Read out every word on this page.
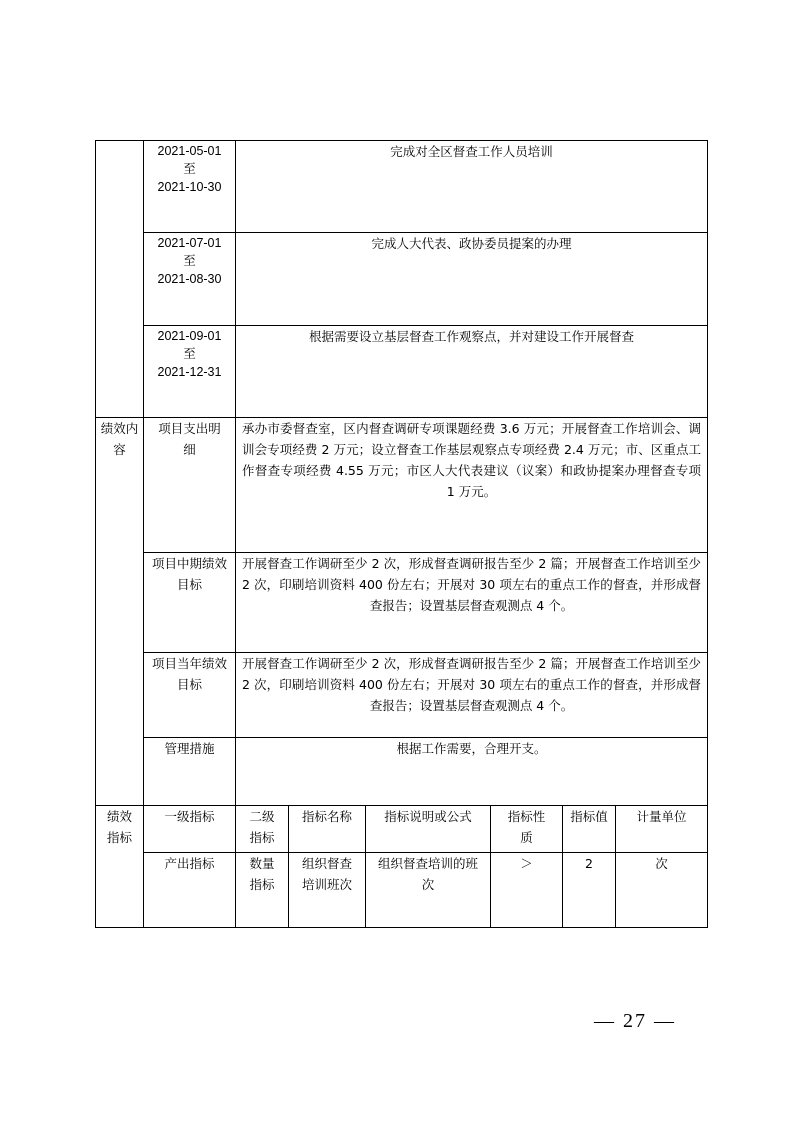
	2021-05-01
至
2021-10-30	完成对全区督查工作人员培训					

	2021-07-01
至
2021-08-30	完成人大代表、政协委员提案的办理					

	2021-09-01
至
2021-12-31	根据需要设立基层督查工作观察点，并对建设工作开展督查					
绩效内容	项目支出明细	承办市委督查室，区内督查调研专项课题经费 3.6 万元；开展督查工作培训会、调训会专项经费 2 万元；设立督查工作基层观察点专项经费 2.4 万元；市、区重点工作督查专项经费 4.55 万元；市区人大代表建议（议案）和政协提案办理督查专项 1 万元。					
	项目中期绩效目标	开展督查工作调研至少 2 次，形成督查调研报告至少 2 篇；开展督查工作培训至少 2 次，印刷培训资料 400 份左右；开展对 30 项左右的重点工作的督查，并形成督查报告；设置基层督查观测点 4 个。					
	项目当年绩效目标	开展督查工作调研至少 2 次，形成督查调研报告至少 2 篇；开展督查工作培训至少 2 次，印刷培训资料 400 份左右；开展对 30 项左右的重点工作的督查，并形成督查报告；设置基层督查观测点 4 个。					
	管理措施	根据工作需要，合理开支。					
绩效指标	一级指标	二级指标	指标名称	指标说明或公式	指标性质	指标值	计量单位
	产出指标	数量指标	组织督查培训班次	组织督查培训的班次	＞	2	次
— 27 —
